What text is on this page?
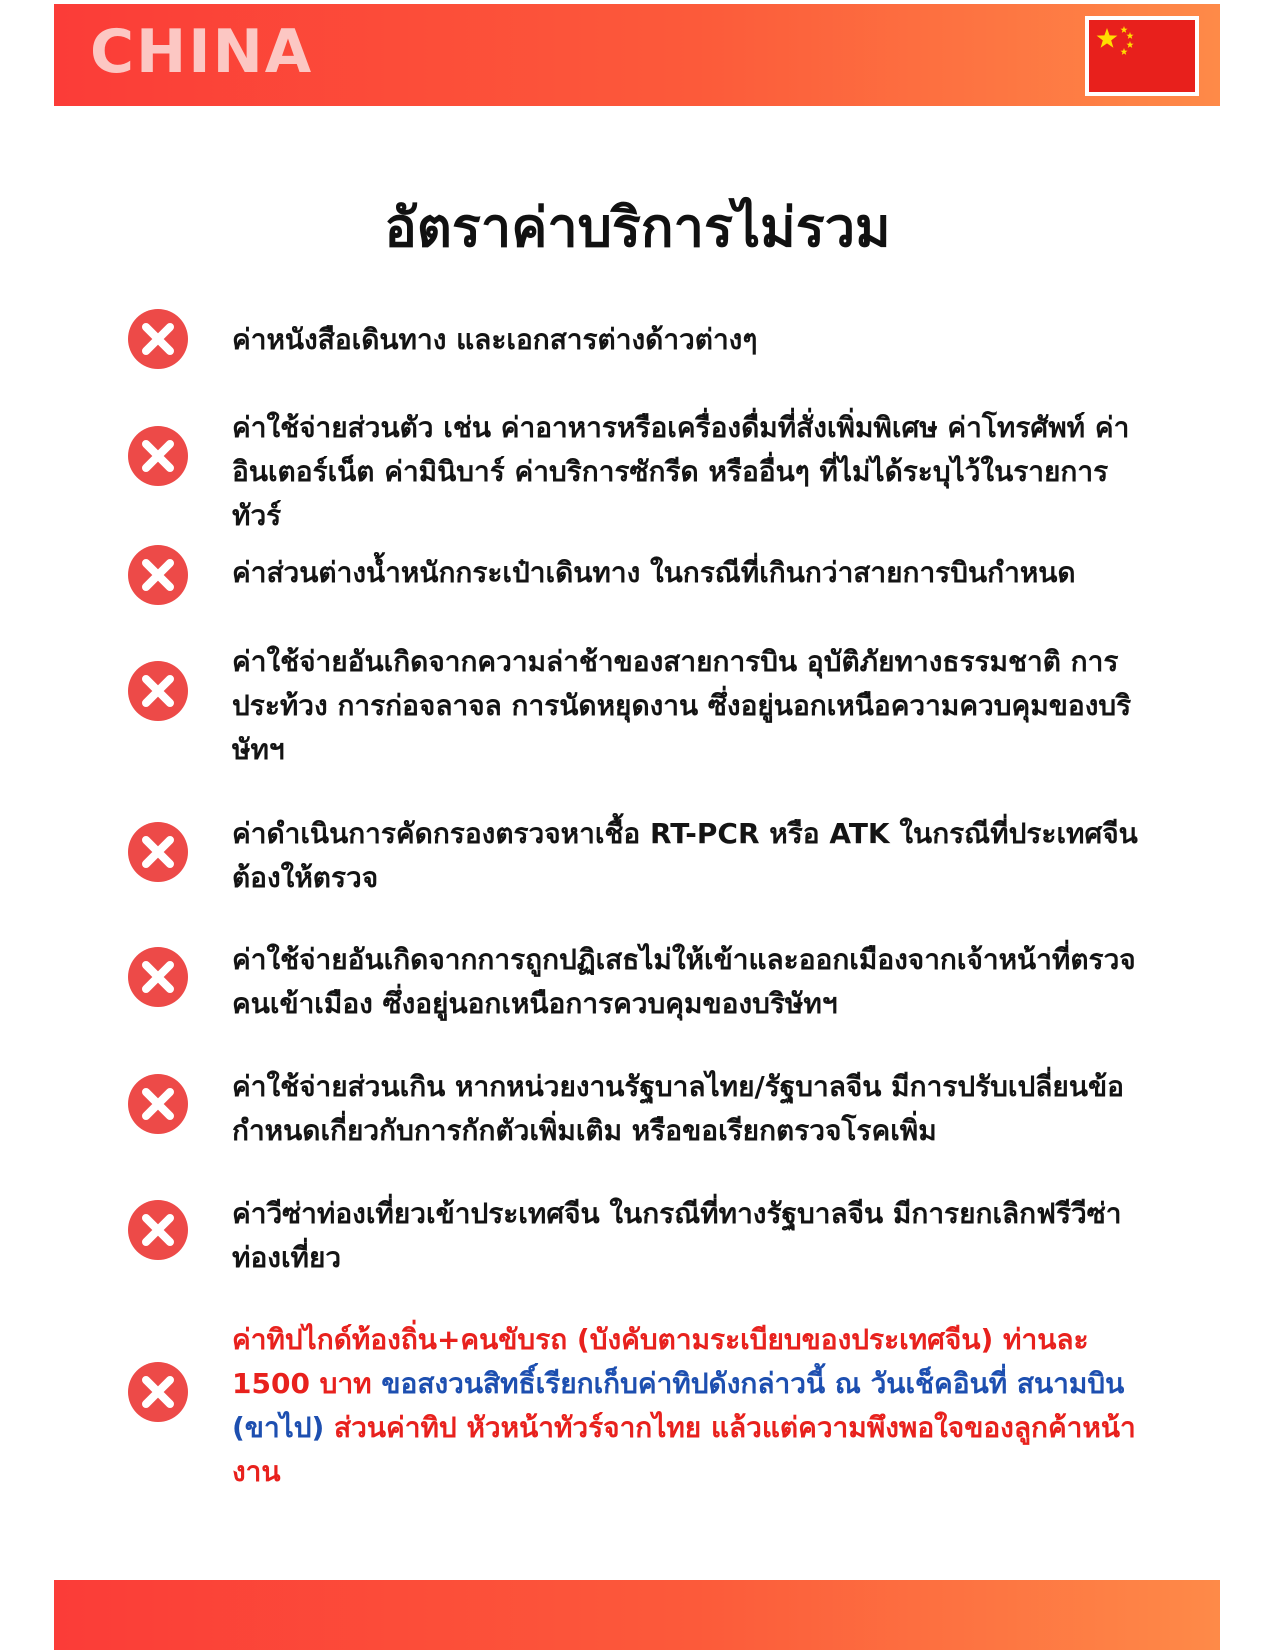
CHINA
อัตราค่าบริการไม่รวม
ค่าหนังสือเดินทาง และเอกสารต่างด้าวต่างๆ
ค่าใช้จ่ายส่วนตัว เช่น ค่าอาหารหรือเครื่องดื่มที่สั่งเพิ่มพิเศษ ค่าโทรศัพท์ ค่าอินเตอร์เน็ต ค่ามินิบาร์ ค่าบริการซักรีด หรืออื่นๆ ที่ไม่ได้ระบุไว้ในรายการทัวร์
ค่าส่วนต่างน้ำหนักกระเป๋าเดินทาง ในกรณีที่เกินกว่าสายการบินกำหนด
ค่าใช้จ่ายอันเกิดจากความล่าช้าของสายการบิน อุบัติภัยทางธรรมชาติ การประท้วง การก่อจลาจล การนัดหยุดงาน ซึ่งอยู่นอกเหนือความควบคุมของบริษัทฯ
ค่าดำเนินการคัดกรองตรวจหาเชื้อ RT-PCR หรือ ATK ในกรณีที่ประเทศจีนต้องให้ตรวจ
ค่าใช้จ่ายอันเกิดจากการถูกปฏิเสธไม่ให้เข้าและออกเมืองจากเจ้าหน้าที่ตรวจคนเข้าเมือง ซึ่งอยู่นอกเหนือการควบคุมของบริษัทฯ
ค่าใช้จ่ายส่วนเกิน หากหน่วยงานรัฐบาลไทย/รัฐบาลจีน มีการปรับเปลี่ยนข้อกำหนดเกี่ยวกับการกักตัวเพิ่มเติม หรือขอเรียกตรวจโรคเพิ่ม
ค่าวีซ่าท่องเที่ยวเข้าประเทศจีน ในกรณีที่ทางรัฐบาลจีน มีการยกเลิกฟรีวีซ่าท่องเที่ยว
ค่าทิปไกด์ท้องถิ่น+คนขับรถ (บังคับตามระเบียบของประเทศจีน) ท่านละ 1500 บาท ขอสงวนสิทธิ์เรียกเก็บค่าทิปดังกล่าวนี้ ณ วันเช็คอินที่ สนามบิน (ขาไป) ส่วนค่าทิป หัวหน้าทัวร์จากไทย แล้วแต่ความพึงพอใจของลูกค้าหน้างาน
